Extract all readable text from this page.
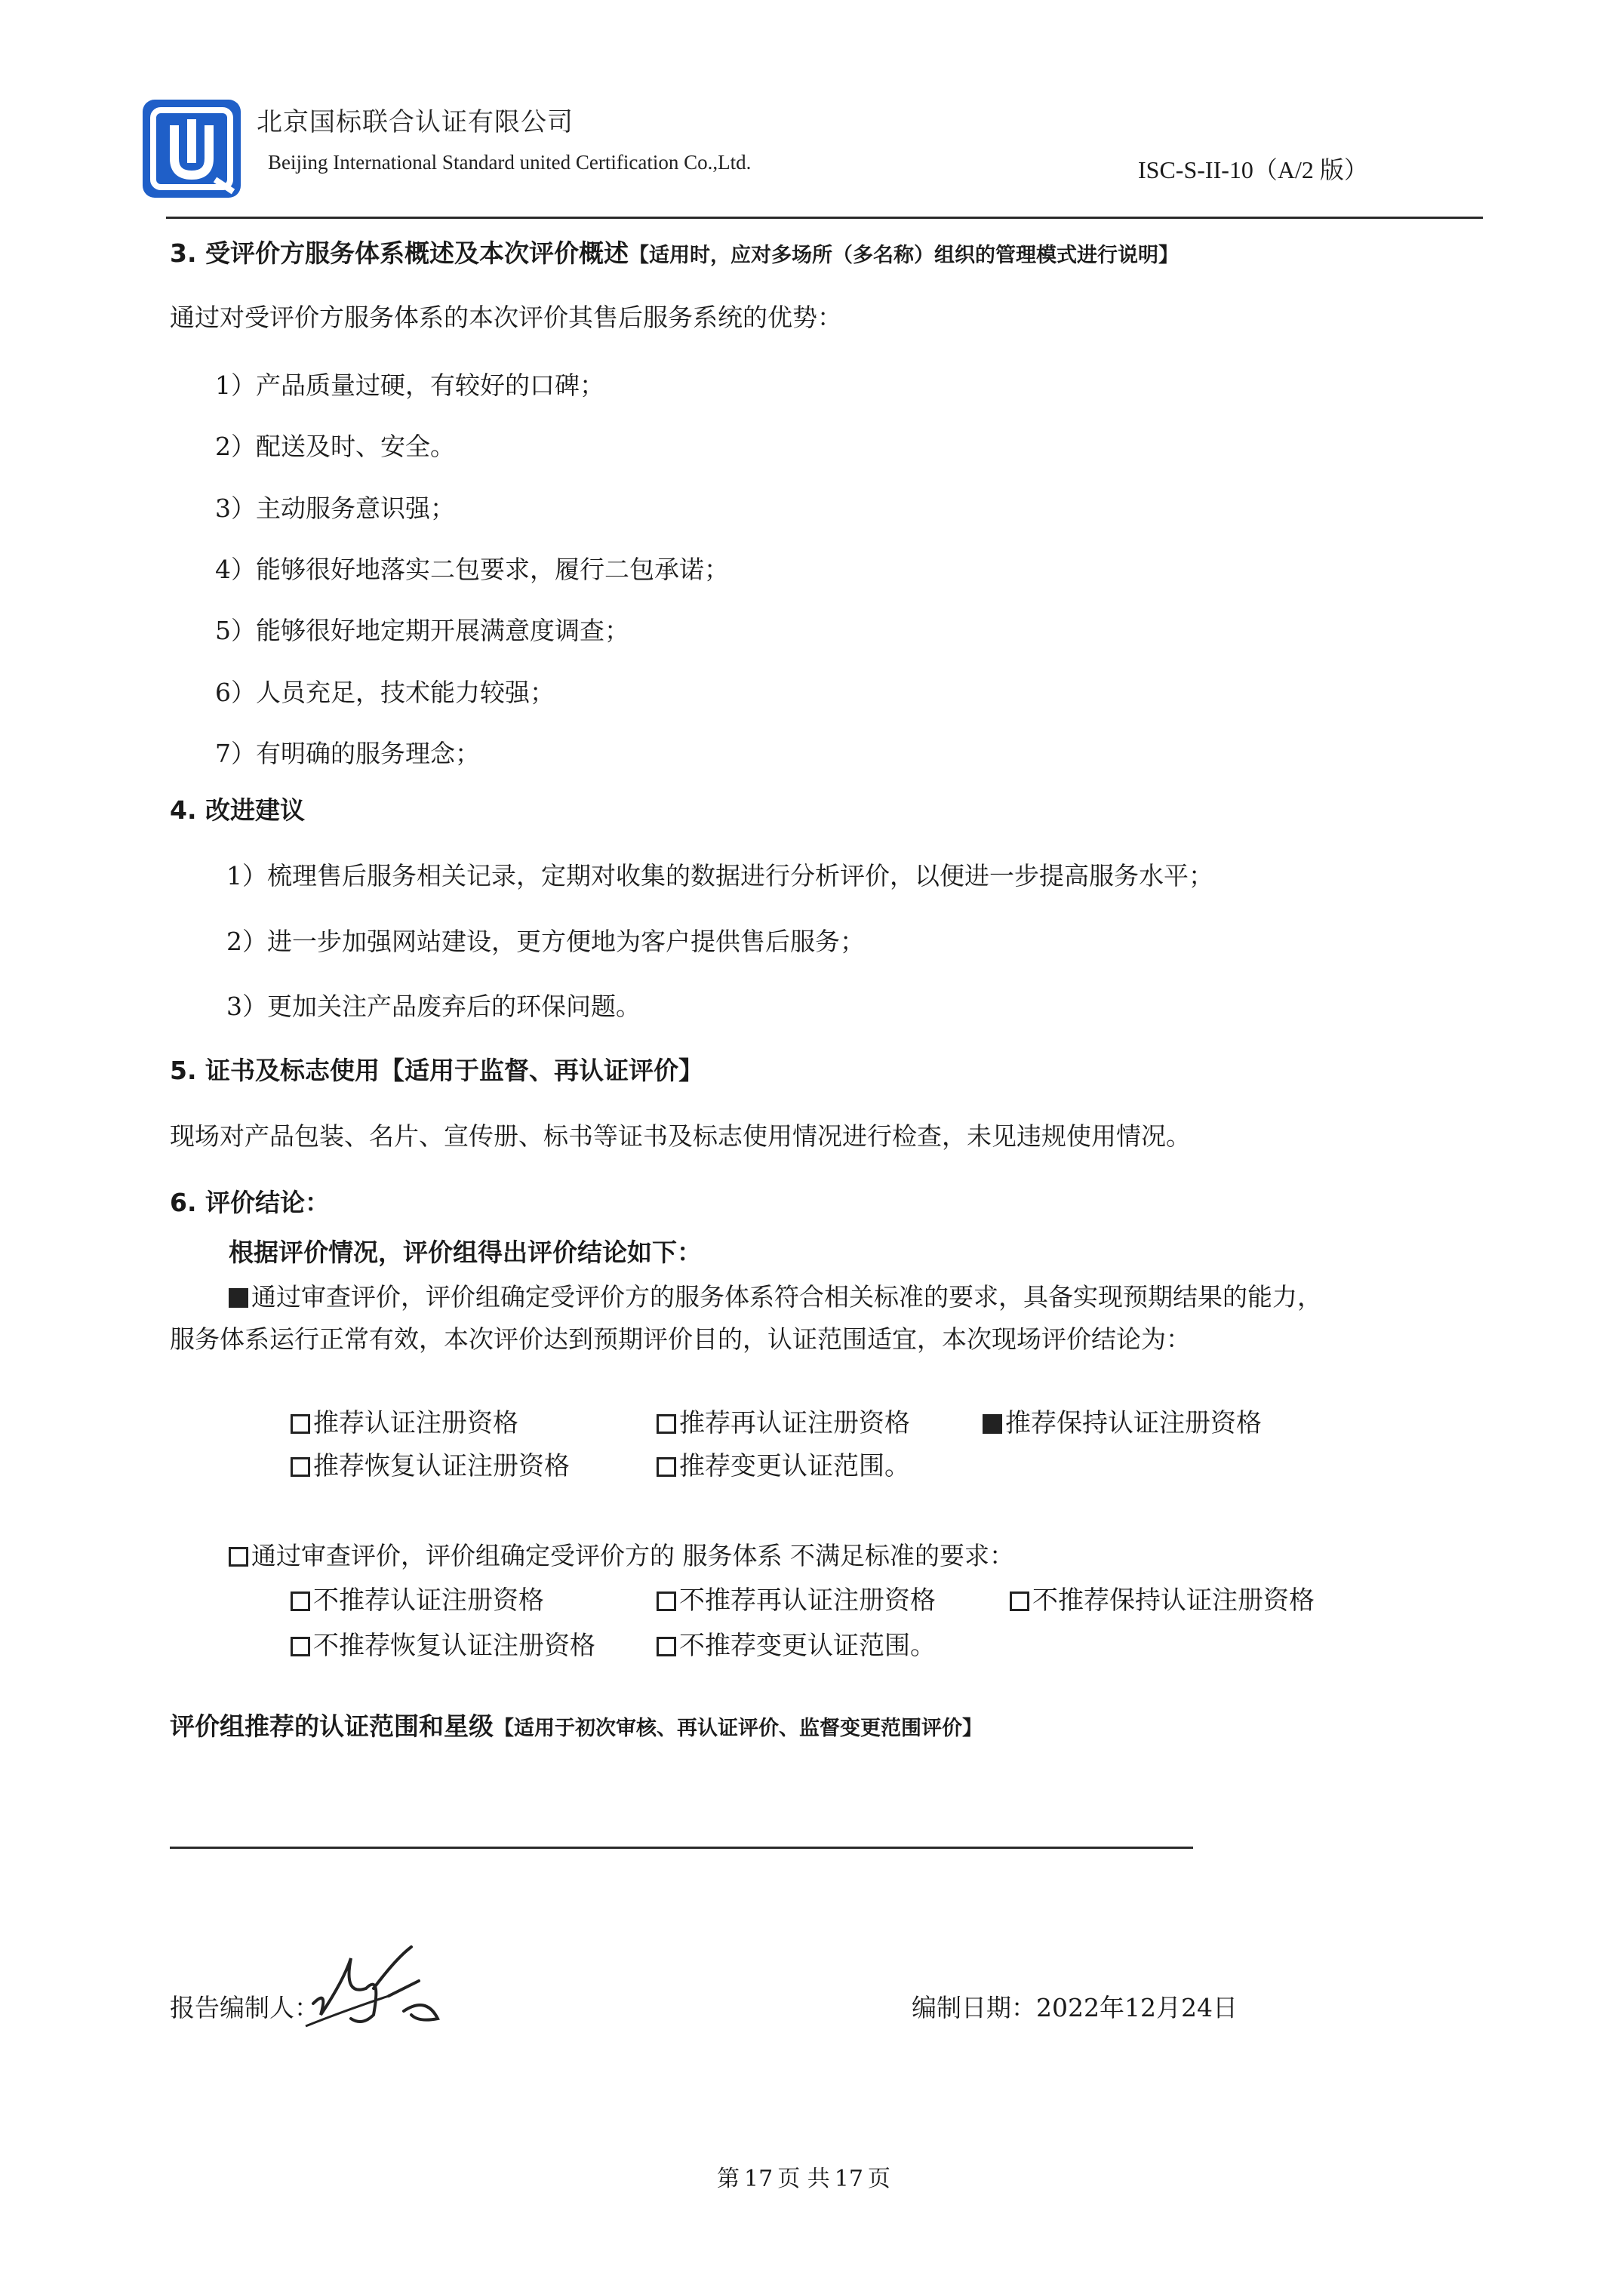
北京国标联合认证有限公司
Beijing International Standard united Certification Co.,Ltd.	ISC-S-II-10（A/2 版）
3. 受评价方服务体系概述及本次评价概述【适用时，应对多场所（多名称）组织的管理模式进行说明】
通过对受评价方服务体系的本次评价其售后服务系统的优势：
1）产品质量过硬，有较好的口碑；
2）配送及时、安全。
3）主动服务意识强；
4）能够很好地落实二包要求，履行二包承诺；
5）能够很好地定期开展满意度调查；
6）人员充足，技术能力较强；
7）有明确的服务理念；
4. 改进建议
1）梳理售后服务相关记录，定期对收集的数据进行分析评价，以便进一步提高服务水平；
2）进一步加强网站建设，更方便地为客户提供售后服务；
3）更加关注产品废弃后的环保问题。
5. 证书及标志使用【适用于监督、再认证评价】
现场对产品包装、名片、宣传册、标书等证书及标志使用情况进行检查，未见违规使用情况。
6. 评价结论：
根据评价情况，评价组得出评价结论如下：
通过审查评价，评价组确定受评价方的服务体系符合相关标准的要求，具备实现预期结果的能力，
服务体系运行正常有效，本次评价达到预期评价目的，认证范围适宜，本次现场评价结论为：
推荐认证注册资格	推荐再认证注册资格	推荐保持认证注册资格
推荐恢复认证注册资格	推荐变更认证范围。
通过审查评价，评价组确定受评价方的 服务体系 不满足标准的要求：
不推荐认证注册资格	不推荐再认证注册资格	不推荐保持认证注册资格
不推荐恢复认证注册资格	不推荐变更认证范围。
评价组推荐的认证范围和星级【适用于初次审核、再认证评价、监督变更范围评价】
报告编制人：	编制日期：2022年12月24日
第 17 页 共 17 页
